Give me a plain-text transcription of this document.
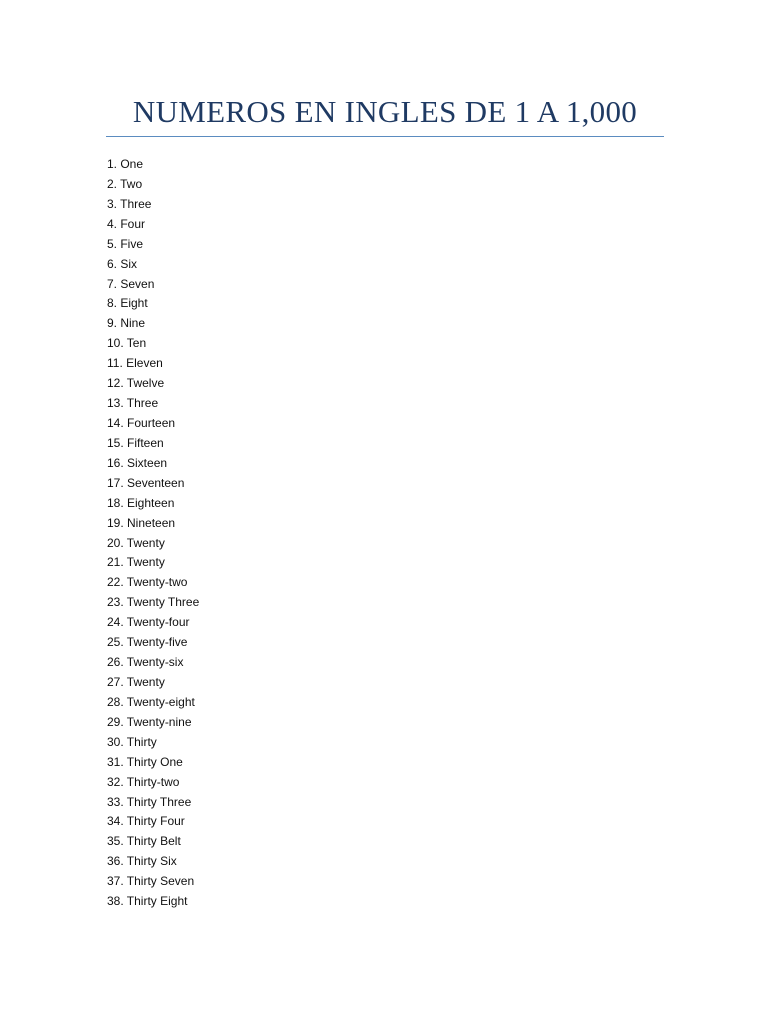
NUMEROS EN INGLES DE 1 A 1,000
1. One
2. Two
3. Three
4. Four
5. Five
6. Six
7. Seven
8. Eight
9. Nine
10. Ten
11. Eleven
12. Twelve
13. Three
14. Fourteen
15. Fifteen
16. Sixteen
17. Seventeen
18. Eighteen
19. Nineteen
20. Twenty
21. Twenty
22. Twenty-two
23. Twenty Three
24. Twenty-four
25. Twenty-five
26. Twenty-six
27. Twenty
28. Twenty-eight
29. Twenty-nine
30. Thirty
31. Thirty One
32. Thirty-two
33. Thirty Three
34. Thirty Four
35. Thirty Belt
36. Thirty Six
37. Thirty Seven
38. Thirty Eight
